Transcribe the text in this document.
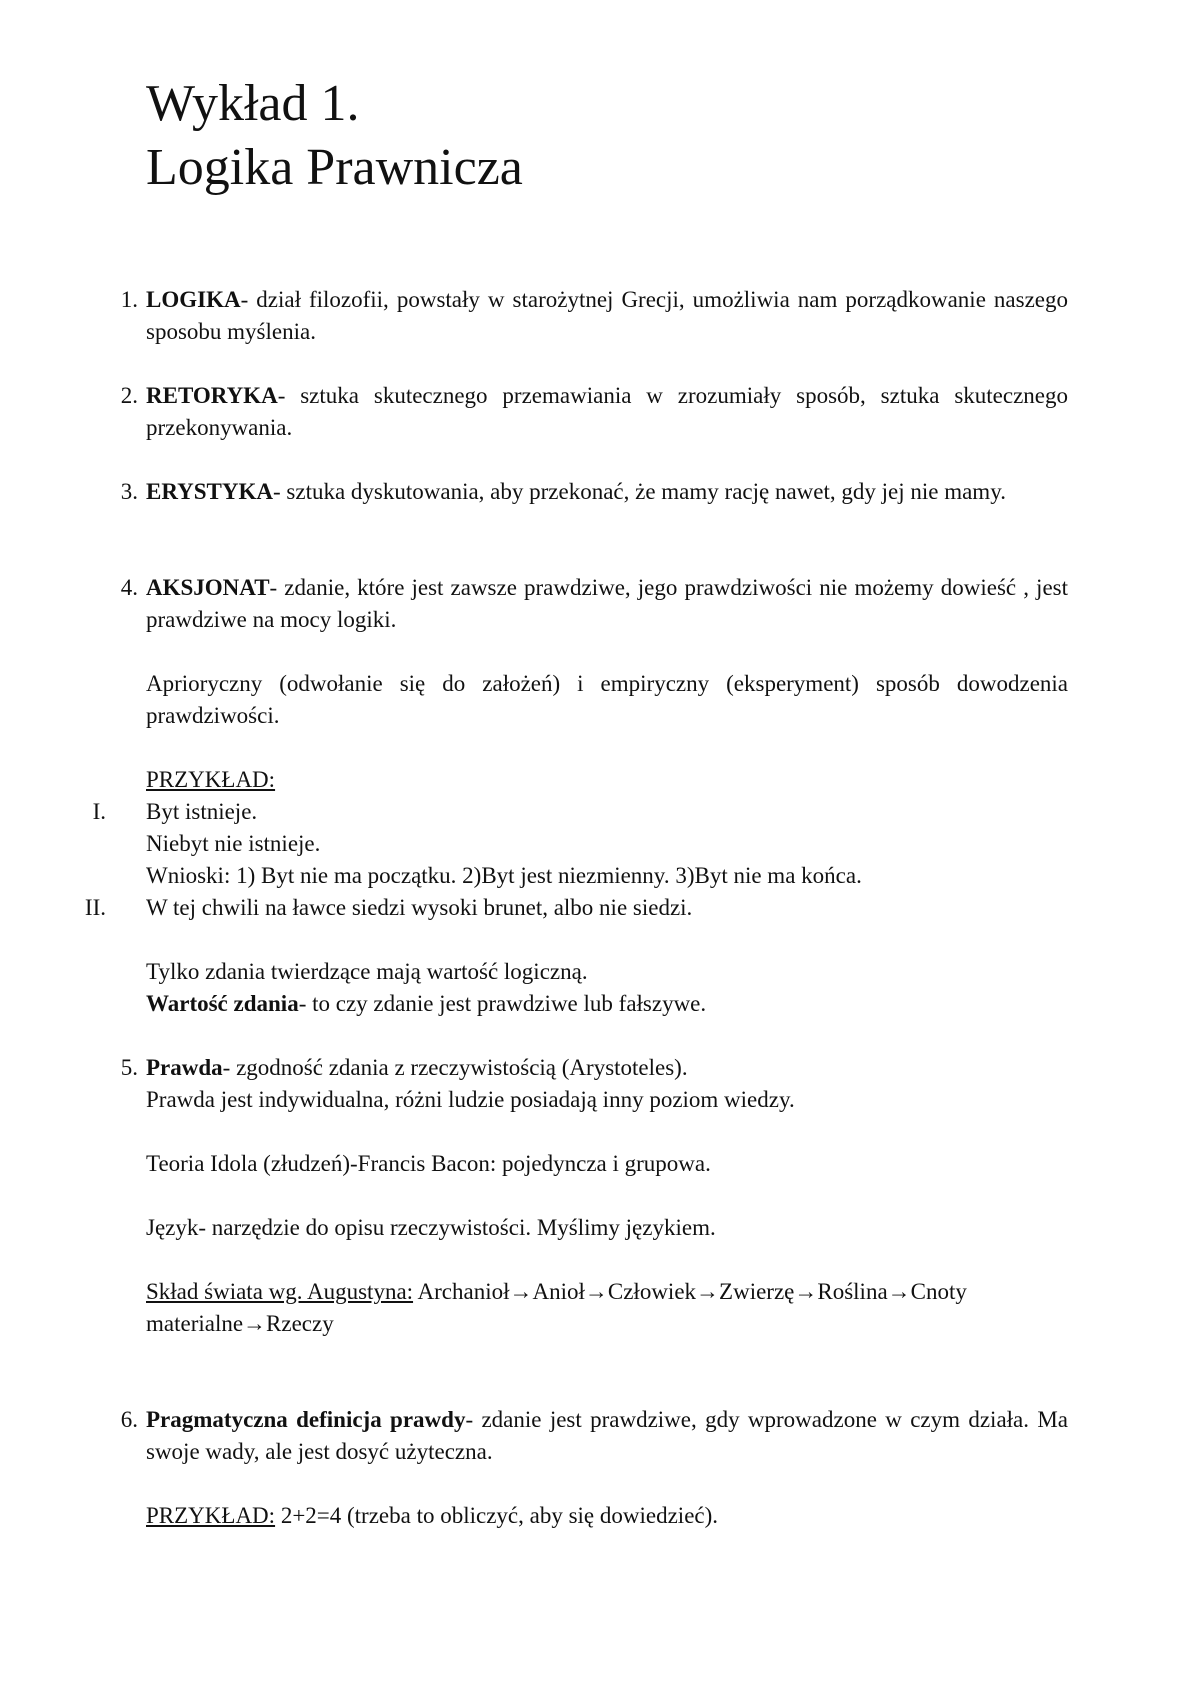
Wykład 1.
Logika Prawnicza
1. LOGIKA- dział filozofii, powstały w starożytnej Grecji, umożliwia nam porządkowanie naszego sposobu myślenia.

2. RETORYKA- sztuka skutecznego przemawiania w zrozumiały sposób, sztuka skutecznego przekonywania.

3. ERYSTYKA- sztuka dyskutowania, aby przekonać, że mamy rację nawet, gdy jej nie mamy.

4. AKSJONAT- zdanie, które jest zawsze prawdziwe, jego prawdziwości nie możemy dowieść , jest prawdziwe na mocy logiki.

Aprioryczny (odwołanie się do założeń) i empiryczny (eksperyment) sposób dowodzenia prawdziwości.

PRZYKŁAD:

I. Byt istnieje.

Niebyt nie istnieje.

Wnioski: 1) Byt nie ma początku. 2)Byt jest niezmienny. 3)Byt nie ma końca.

II. W tej chwili na ławce siedzi wysoki brunet, albo nie siedzi.

Tylko zdania twierdzące mają wartość logiczną.

Wartość zdania- to czy zdanie jest prawdziwe lub fałszywe.

5. Prawda- zgodność zdania z rzeczywistością (Arystoteles).

Prawda jest indywidualna, różni ludzie posiadają inny poziom wiedzy.

Teoria Idola (złudzeń)-Francis Bacon: pojedyncza i grupowa.

Język- narzędzie do opisu rzeczywistości. Myślimy językiem.

Skład świata wg. Augustyna: Archanioł→Anioł→Człowiek→Zwierzę→Roślina→Cnoty

materialne→Rzeczy

6. Pragmatyczna definicja prawdy- zdanie jest prawdziwe, gdy wprowadzone w czym działa. Ma swoje wady, ale jest dosyć użyteczna.

PRZYKŁAD: 2+2=4 (trzeba to obliczyć, aby się dowiedzieć).
